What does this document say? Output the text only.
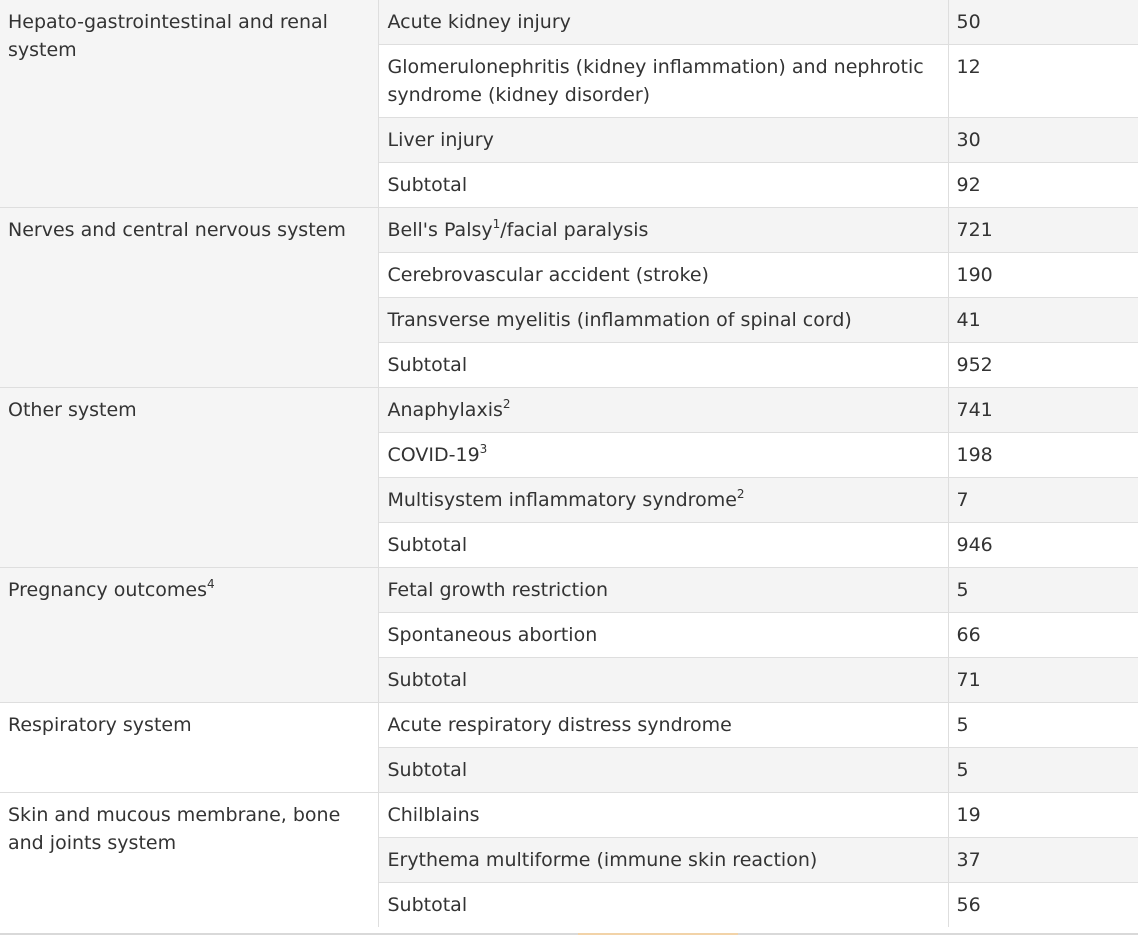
Hepato-gastrointestinal and renal system	Acute kidney injury	50
	Glomerulonephritis (kidney inflammation) and nephrotic syndrome (kidney disorder)	12
	Liver injury	30
	Subtotal	92
Nerves and central nervous system	Bell's Palsy$^1$/facial paralysis	721
	Cerebrovascular accident (stroke)	190
	Transverse myelitis (inflammation of spinal cord)	41
	Subtotal	952
Other system	Anaphylaxis$^2$	741
	COVID-$19^3$	198
	Multisystem inflammatory syndrome$^2$	7
	Subtotal	946
Pregnancy outcomes$^4$	Fetal growth restriction	5
	Spontaneous abortion	66
	Subtotal	71
Respiratory system	Acute respiratory distress syndrome	5
	Subtotal	5
Skin and mucous membrane, bone and joints system	Chilblains	19
	Erythema multiforme (immune skin reaction)	37
	Subtotal	56
